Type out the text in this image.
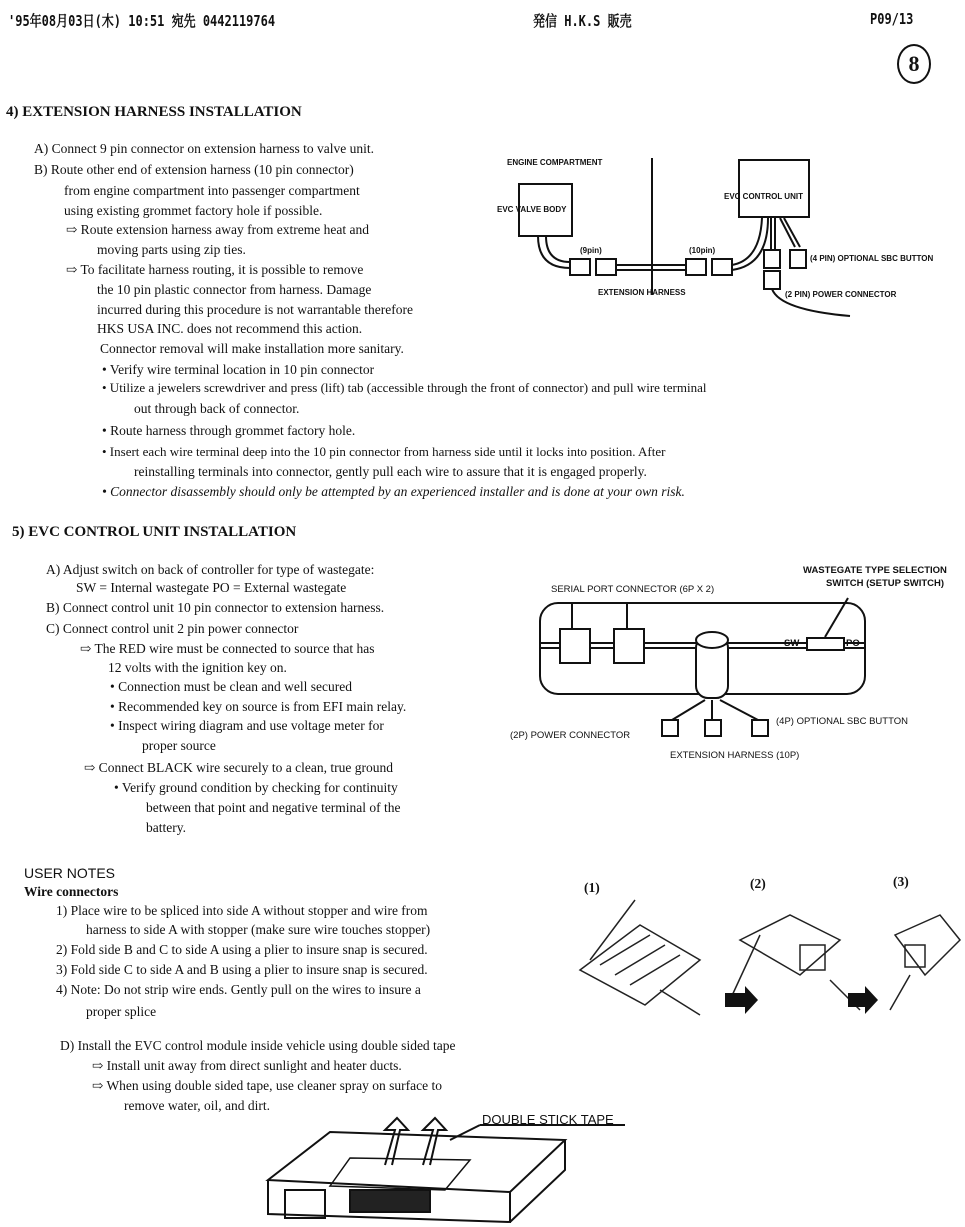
'95年08月03日(木) 10:51 宛先 0442119764	発信 H.K.S 販売	P09/13
8
4) EXTENSION HARNESS INSTALLATION
A) Connect 9 pin connector on extension harness to valve unit.
B) Route other end of extension harness (10 pin connector)
from engine compartment into passenger compartment
using existing grommet factory hole if possible.
⇨ Route extension harness away from extreme heat and
moving parts using zip ties.
⇨ To facilitate harness routing, it is possible to remove
the 10 pin plastic connector from harness. Damage
incurred during this procedure is not warrantable therefore
HKS USA INC. does not recommend this action.
Connector removal will make installation more sanitary.
• Verify wire terminal location in 10 pin connector
• Utilize a jewelers screwdriver and press (lift) tab (accessible through the front of connector) and pull wire terminal
out through back of connector.
• Route harness through grommet factory hole.
• Insert each wire terminal deep into the 10 pin connector from harness side until it locks into position. After
reinstalling terminals into connector, gently pull each wire to assure that it is engaged properly.
• Connector disassembly should only be attempted by an experienced installer and is done at your own risk.
ENGINE COMPARTMENT
EVC VALVE BODY
EVC CONTROL UNIT
(9pin)	(10pin)
EXTENSION HARNESS
(4 PIN) OPTIONAL SBC BUTTON
(2 PIN) POWER CONNECTOR
5) EVC CONTROL UNIT INSTALLATION
A) Adjust switch on back of controller for type of wastegate:
SW = Internal wastegate PO = External wastegate
B) Connect control unit 10 pin connector to extension harness.
C) Connect control unit 2 pin power connector
⇨ The RED wire must be connected to source that has
12 volts with the ignition key on.
• Connection must be clean and well secured
• Recommended key on source is from EFI main relay.
• Inspect wiring diagram and use voltage meter for
proper source
⇨ Connect BLACK wire securely to a clean, true ground
• Verify ground condition by checking for continuity
between that point and negative terminal of the
battery.
SERIAL PORT CONNECTOR (6P X 2)
WASTEGATE TYPE SELECTION
SWITCH (SETUP SWITCH)
SW	PO
(2P) POWER CONNECTOR
EXTENSION HARNESS (10P)
(4P) OPTIONAL SBC BUTTON
USER NOTES
Wire connectors
1) Place wire to be spliced into side A without stopper and wire from
harness to side A with stopper (make sure wire touches stopper)
2) Fold side B and C to side A using a plier to insure snap is secured.
3) Fold side C to side A and B using a plier to insure snap is secured.
4) Note: Do not strip wire ends. Gently pull on the wires to insure a
proper splice
(1)	(2)	(3)
D) Install the EVC control module inside vehicle using double sided tape
⇨ Install unit away from direct sunlight and heater ducts.
⇨ When using double sided tape, use cleaner spray on surface to
remove water, oil, and dirt.
DOUBLE STICK TAPE
